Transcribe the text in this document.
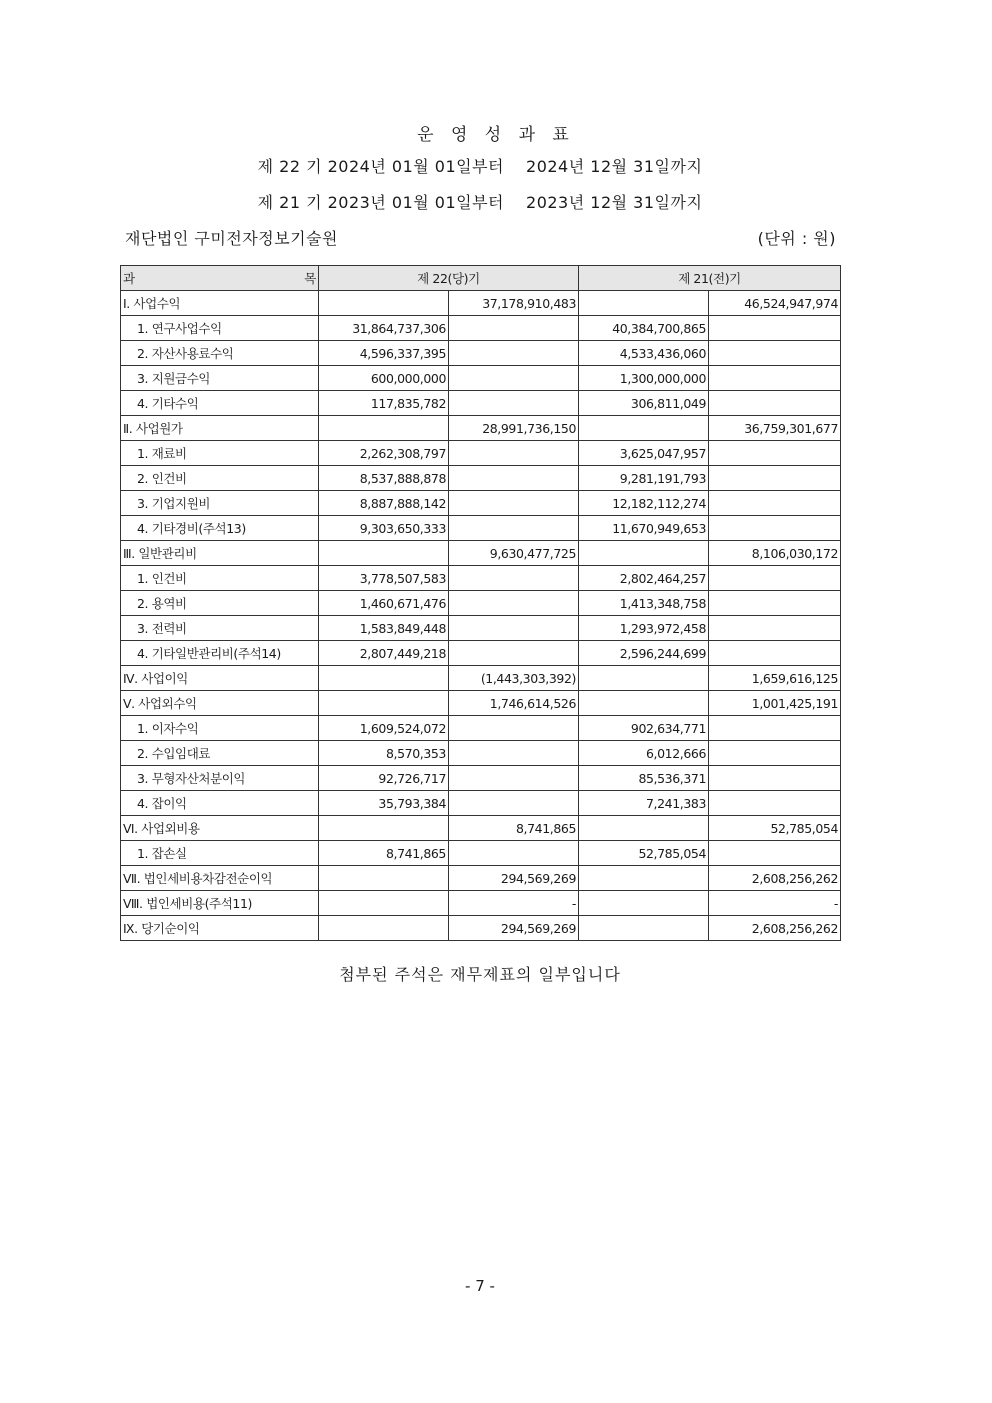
운 영 성 과 표
제 22 기 2024년 01월 01일부터 2024년 12월 31일까지
제 21 기 2023년 01월 01일부터 2023년 12월 31일까지
재단법인 구미전자정보기술원	(단위 : 원)
과 목	제 22(당)기		제 21(전)기	
Ⅰ. 사업수익		37,178,910,483		46,524,947,974
1. 연구사업수익	31,864,737,306		40,384,700,865	
2. 자산사용료수익	4,596,337,395		4,533,436,060	
3. 지원금수익	600,000,000		1,300,000,000	
4. 기타수익	117,835,782		306,811,049	
Ⅱ. 사업원가		28,991,736,150		36,759,301,677
1. 재료비	2,262,308,797		3,625,047,957	
2. 인건비	8,537,888,878		9,281,191,793	
3. 기업지원비	8,887,888,142		12,182,112,274	
4. 기타경비(주석13)	9,303,650,333		11,670,949,653	
Ⅲ. 일반관리비		9,630,477,725		8,106,030,172
1. 인건비	3,778,507,583		2,802,464,257	
2. 용역비	1,460,671,476		1,413,348,758	
3. 전력비	1,583,849,448		1,293,972,458	
4. 기타일반관리비(주석14)	2,807,449,218		2,596,244,699	
Ⅳ. 사업이익		(1,443,303,392)		1,659,616,125
Ⅴ. 사업외수익		1,746,614,526		1,001,425,191
1. 이자수익	1,609,524,072		902,634,771	
2. 수입임대료	8,570,353		6,012,666	
3. 무형자산처분이익	92,726,717		85,536,371	
4. 잡이익	35,793,384		7,241,383	
Ⅵ. 사업외비용		8,741,865		52,785,054
1. 잡손실	8,741,865		52,785,054	
Ⅶ. 법인세비용차감전순이익		294,569,269		2,608,256,262
Ⅷ. 법인세비용(주석11)		-		-
Ⅸ. 당기순이익		294,569,269		2,608,256,262
첨부된 주석은 재무제표의 일부입니다
- 7 -
